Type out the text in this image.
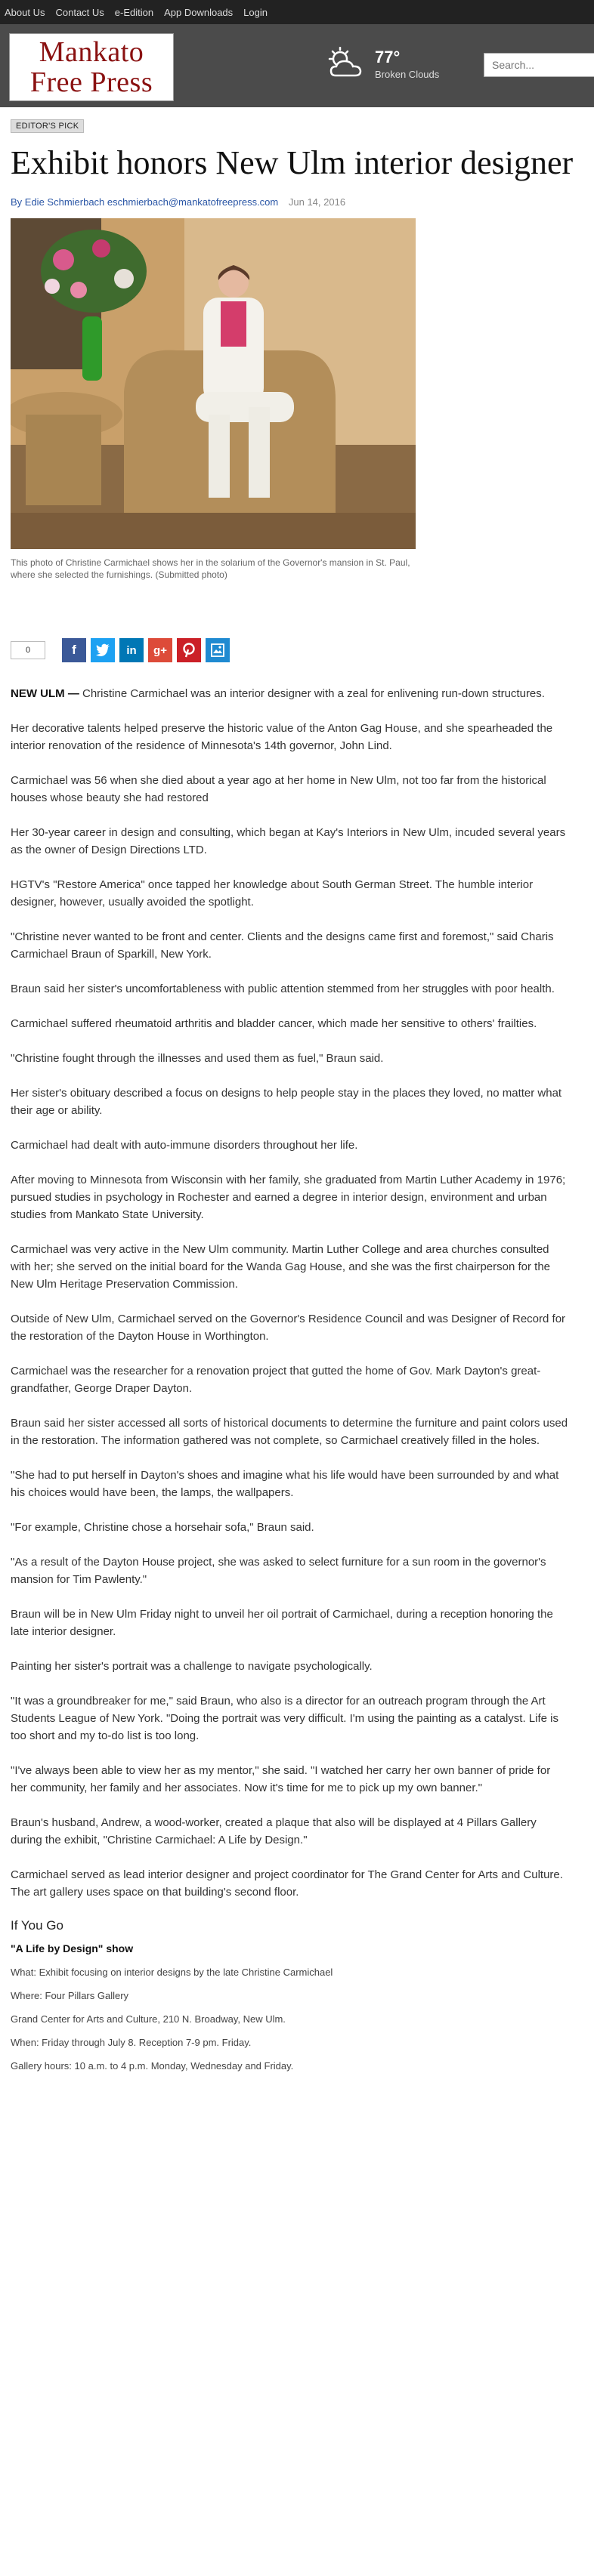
About Us Contact Us e-Edition App Downloads Login
Mankato
Free Press
77°
Broken Clouds
Search...
EDITOR'S PICK
Exhibit honors New Ulm interior designer
By Edie Schmierbach eschmierbach@mankatofreepress.com Jun 14, 2016
This photo of Christine Carmichael shows her in the solarium of the Governor's mansion in St. Paul, where she selected the furnishings. (Submitted photo)
0	f	in	g+

NEW ULM — Christine Carmichael was an interior designer with a zeal for enlivening run-down structures.

Her decorative talents helped preserve the historic value of the Anton Gag House, and she spearheaded the interior renovation of the residence of Minnesota's 14th governor, John Lind.

Carmichael was 56 when she died about a year ago at her home in New Ulm, not too far from the historical houses whose beauty she had restored

Her 30-year career in design and consulting, which began at Kay's Interiors in New Ulm, incuded several years as the owner of Design Directions LTD.

HGTV's "Restore America" once tapped her knowledge about South German Street. The humble interior designer, however, usually avoided the spotlight.

"Christine never wanted to be front and center. Clients and the designs came first and foremost," said Charis Carmichael Braun of Sparkill, New York.

Braun said her sister's uncomfortableness with public attention stemmed from her struggles with poor health.

Carmichael suffered rheumatoid arthritis and bladder cancer, which made her sensitive to others' frailties.

"Christine fought through the illnesses and used them as fuel," Braun said.

Her sister's obituary described a focus on designs to help people stay in the places they loved, no matter what their age or ability.

Carmichael had dealt with auto-immune disorders throughout her life.

After moving to Minnesota from Wisconsin with her family, she graduated from Martin Luther Academy in 1976; pursued studies in psychology in Rochester and earned a degree in interior design, environment and urban studies from Mankato State University.

Carmichael was very active in the New Ulm community. Martin Luther College and area churches consulted with her; she served on the initial board for the Wanda Gag House, and she was the first chairperson for the New Ulm Heritage Preservation Commission.

Outside of New Ulm, Carmichael served on the Governor's Residence Council and was Designer of Record for the restoration of the Dayton House in Worthington.

Carmichael was the researcher for a renovation project that gutted the home of Gov. Mark Dayton's great-grandfather, George Draper Dayton.

Braun said her sister accessed all sorts of historical documents to determine the furniture and paint colors used in the restoration. The information gathered was not complete, so Carmichael creatively filled in the holes.

"She had to put herself in Dayton's shoes and imagine what his life would have been surrounded by and what his choices would have been, the lamps, the wallpapers.

"For example, Christine chose a horsehair sofa," Braun said.

"As a result of the Dayton House project, she was asked to select furniture for a sun room in the governor's mansion for Tim Pawlenty."

Braun will be in New Ulm Friday night to unveil her oil portrait of Carmichael, during a reception honoring the late interior designer.

Painting her sister's portrait was a challenge to navigate psychologically.

"It was a groundbreaker for me," said Braun, who also is a director for an outreach program through the Art Students League of New York. "Doing the portrait was very difficult. I'm using the painting as a catalyst. Life is too short and my to-do list is too long.

"I've always been able to view her as my mentor," she said. "I watched her carry her own banner of pride for her community, her family and her associates. Now it's time for me to pick up my own banner."

Braun's husband, Andrew, a wood-worker, created a plaque that also will be displayed at 4 Pillars Gallery during the exhibit, "Christine Carmichael: A Life by Design."

Carmichael served as lead interior designer and project coordinator for The Grand Center for Arts and Culture. The art gallery uses space on that building's second floor.

If You Go
"A Life by Design" show
What: Exhibit focusing on interior designs by the late Christine Carmichael
Where: Four Pillars Gallery
Grand Center for Arts and Culture, 210 N. Broadway, New Ulm.
When: Friday through July 8. Reception 7-9 pm. Friday.
Gallery hours: 10 a.m. to 4 p.m. Monday, Wednesday and Friday.
